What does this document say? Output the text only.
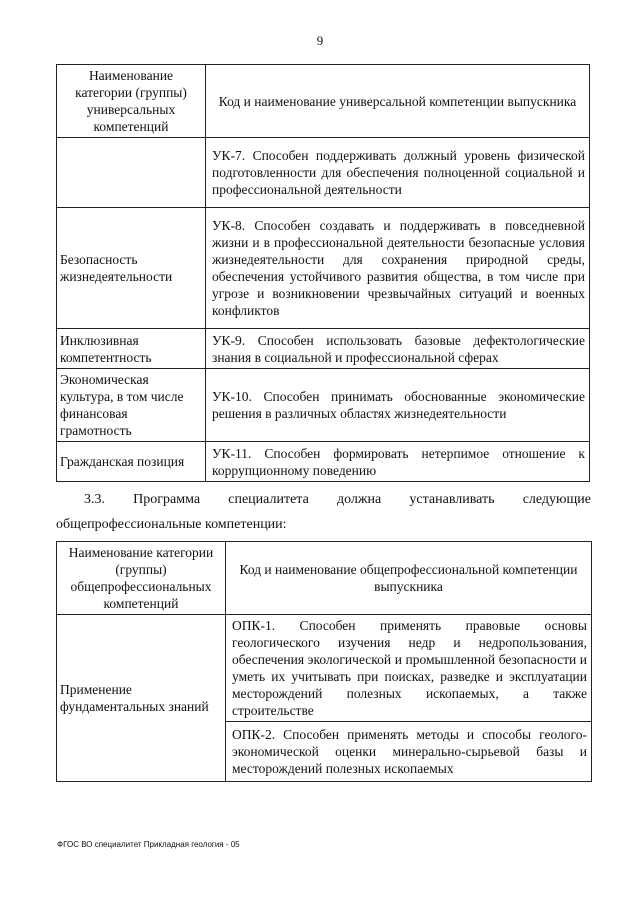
9
Наименование категории (группы) универсальных компетенций	Код и наименование универсальной компетенции выпускника
	УК-7. Способен поддерживать должный уровень физической подготовленности для обеспечения полноценной социальной и профессиональной деятельности
Безопасность жизнедеятельности	УК-8. Способен создавать и поддерживать в повседневной жизни и в профессиональной деятельности безопасные условия жизнедеятельности для сохранения природной среды, обеспечения устойчивого развития общества, в том числе при угрозе и возникновении чрезвычайных ситуаций и военных конфликтов
Инклюзивная компетентность	УК-9. Способен использовать базовые дефектологические знания в социальной и профессиональной сферах
Экономическая культура, в том числе финансовая грамотность	УК-10. Способен принимать обоснованные экономические решения в различных областях жизнедеятельности
Гражданская позиция	УК-11. Способен формировать нетерпимое отношение к коррупционному поведению
3.3. Программа специалитета должна устанавливать следующие
общепрофессиональные компетенции:
Наименование категории (группы) общепрофессиональных компетенций	Код и наименование общепрофессиональной компетенции выпускника
Применение фундаментальных знаний	ОПК-1. Способен применять правовые основы геологического изучения недр и недропользования, обеспечения экологической и промышленной безопасности и уметь их учитывать при поисках, разведке и эксплуатации месторождений полезных ископаемых, а также строительстве
	ОПК-2. Способен применять методы и способы геолого-экономической оценки минерально-сырьевой базы и месторождений полезных ископаемых
ФГОС ВО специалитет Прикладная геология - 05
